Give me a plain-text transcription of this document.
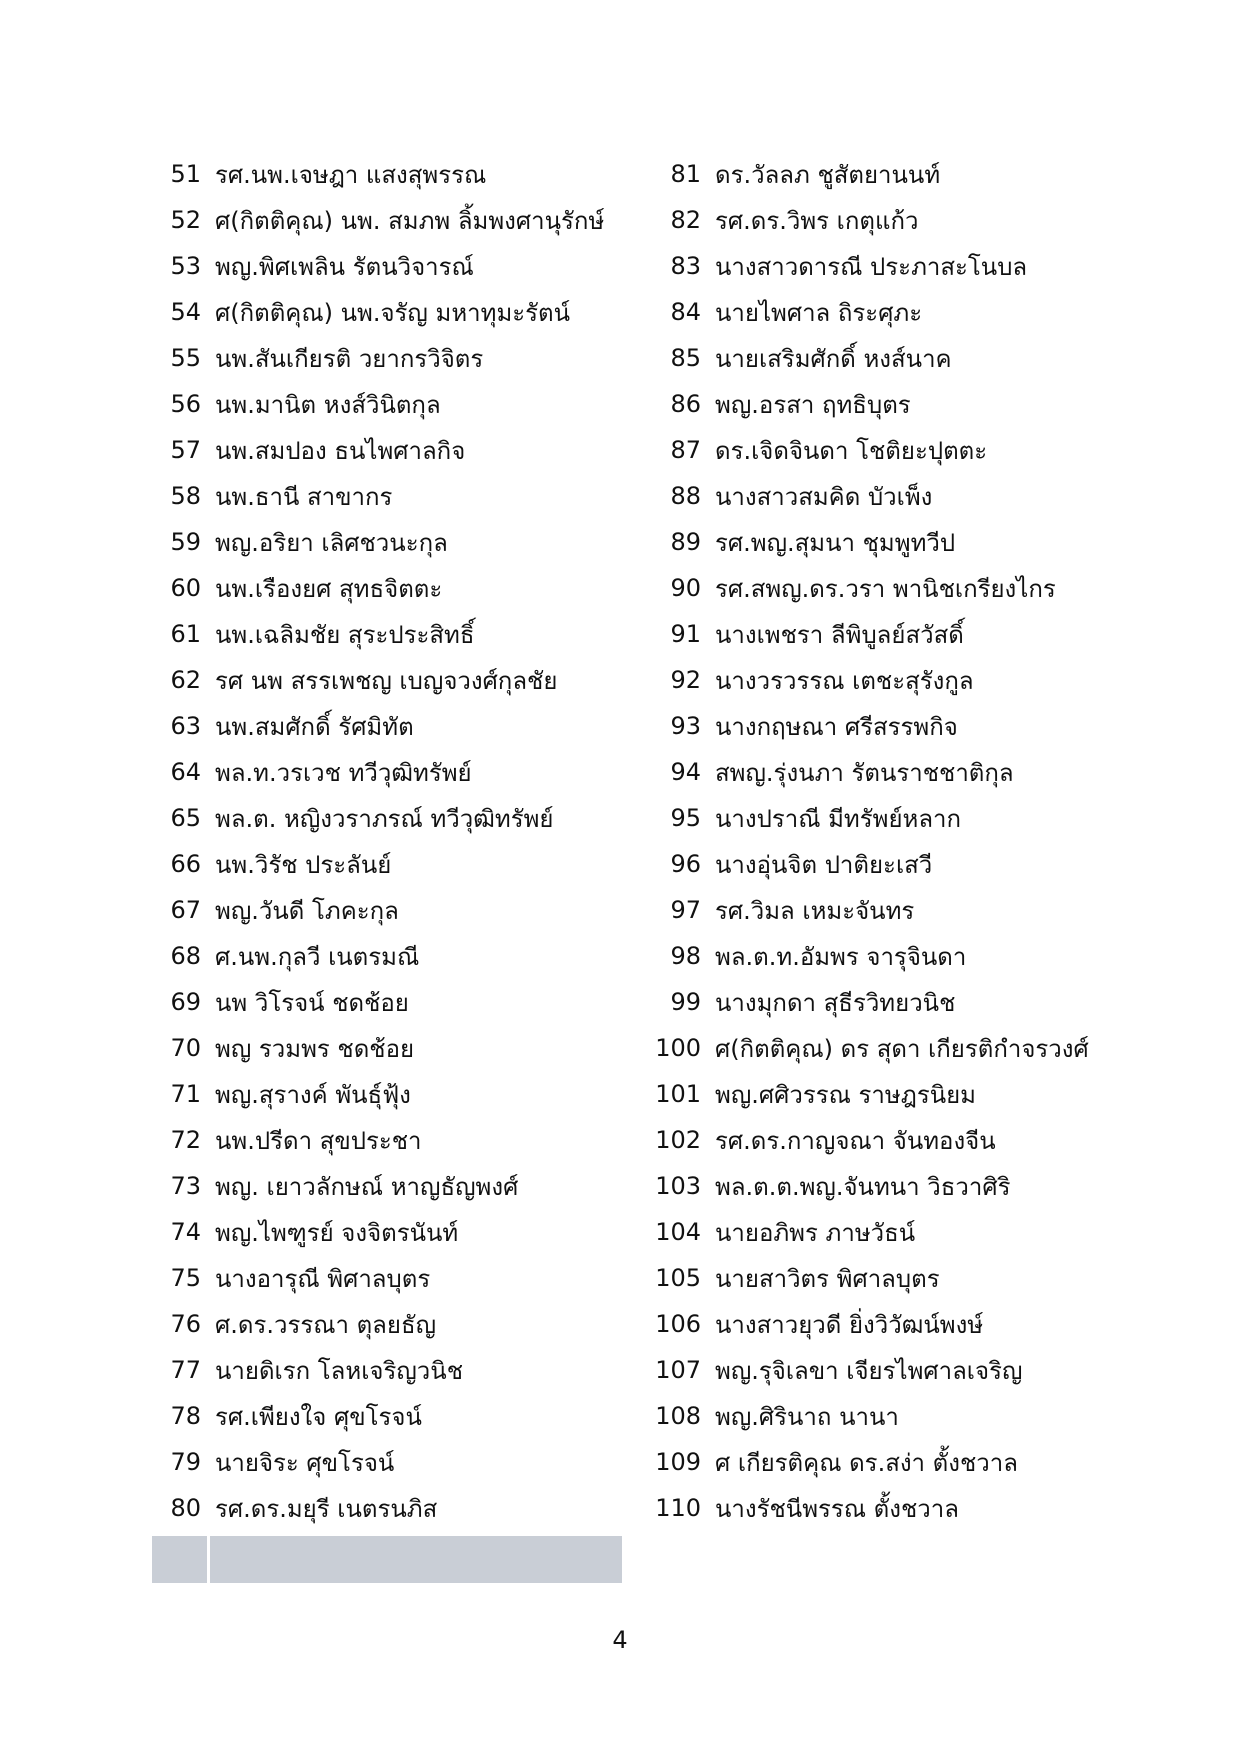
51 รศ.นพ.เจษฎา แสงสุพรรณ
52 ศ(กิตติคุณ) นพ. สมภพ ลิ้มพงศานุรักษ์
53 พญ.พิศเพลิน รัตนวิจารณ์
54 ศ(กิตติคุณ) นพ.จรัญ มหาทุมะรัตน์
55 นพ.สันเกียรติ วยากรวิจิตร
56 นพ.มานิต หงส์วินิตกุล
57 นพ.สมปอง ธนไพศาลกิจ
58 นพ.ธานี สาขากร
59 พญ.อริยา เลิศชวนะกุล
60 นพ.เรืองยศ สุทธจิตตะ
61 นพ.เฉลิมชัย สุระประสิทธิ์
62 รศ นพ สรรเพชญ เบญจวงศ์กุลชัย
63 นพ.สมศักดิ์ รัศมิทัต
64 พล.ท.วรเวช ทวีวุฒิทรัพย์
65 พล.ต. หญิงวราภรณ์ ทวีวุฒิทรัพย์
66 นพ.วิรัช ประลันย์
67 พญ.วันดี โภคะกุล
68 ศ.นพ.กุลวี เนตรมณี
69 นพ วิโรจน์ ชดช้อย
70 พญ รวมพร ชดช้อย
71 พญ.สุรางค์ พันธุ์ฟุ้ง
72 นพ.ปรีดา สุขประชา
73 พญ. เยาวลักษณ์ หาญธัญพงศ์
74 พญ.ไพฑูรย์ จงจิตรนันท์
75 นางอารุณี พิศาลบุตร
76 ศ.ดร.วรรณา ตุลยธัญ
77 นายดิเรก โลหเจริญวนิช
78 รศ.เพียงใจ ศุขโรจน์
79 นายจิระ ศุขโรจน์
80 รศ.ดร.มยุรี เนตรนภิส
81 ดร.วัลลภ ชูสัตยานนท์
82 รศ.ดร.วิพร เกตุแก้ว
83 นางสาวดารณี ประภาสะโนบล
84 นายไพศาล ถิระศุภะ
85 นายเสริมศักดิ์ หงส์นาค
86 พญ.อรสา ฤทธิบุตร
87 ดร.เจิดจินดา โชติยะปุตตะ
88 นางสาวสมคิด บัวเพ็ง
89 รศ.พญ.สุมนา ชุมพูทวีป
90 รศ.สพญ.ดร.วรา พานิชเกรียงไกร
91 นางเพชรา ลีพิบูลย์สวัสดิ์
92 นางวรวรรณ เตชะสุรังกูล
93 นางกฤษณา ศรีสรรพกิจ
94 สพญ.รุ่งนภา รัตนราชชาติกุล
95 นางปราณี มีทรัพย์หลาก
96 นางอุ่นจิต ปาติยะเสวี
97 รศ.วิมล เหมะจันทร
98 พล.ต.ท.อัมพร จารุจินดา
99 นางมุกดา สุธีรวิทยวนิช
100 ศ(กิตติคุณ) ดร สุดา เกียรติกำจรวงศ์
101 พญ.ศศิวรรณ ราษฎรนิยม
102 รศ.ดร.กาญจณา จันทองจีน
103 พล.ต.ต.พญ.จันทนา วิธวาศิริ
104 นายอภิพร ภาษวัธน์
105 นายสาวิตร พิศาลบุตร
106 นางสาวยุวดี ยิ่งวิวัฒน์พงษ์
107 พญ.รุจิเลขา เจียรไพศาลเจริญ
108 พญ.ศิรินาถ นานา
109 ศ เกียรติคุณ ดร.สง่า ตั้งชวาล
110 นางรัชนีพรรณ ตั้งชวาล
4
